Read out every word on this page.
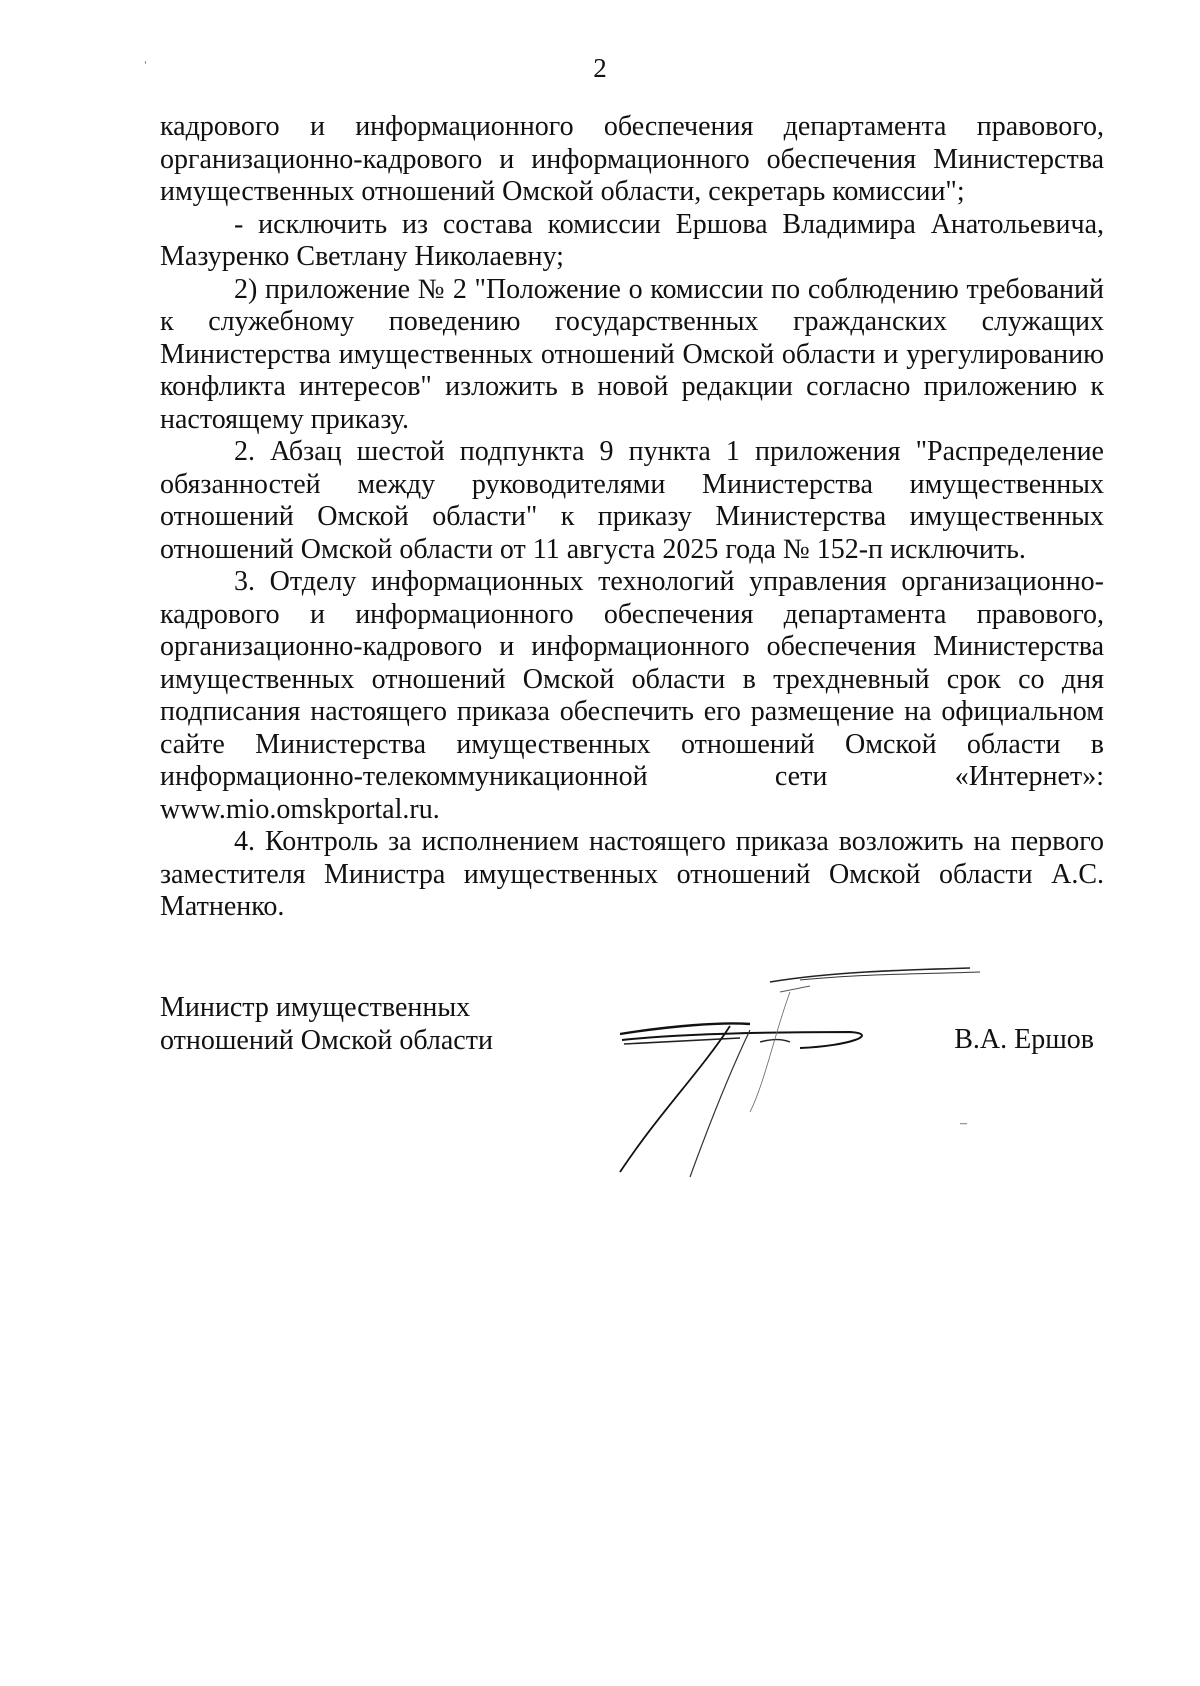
ˈ	2

кадрового и информационного обеспечения департамента правового, организационно-кадрового и информационного обеспечения Министерства имущественных отношений Омской области, секретарь комиссии";

- исключить из состава комиссии Ершова Владимира Анатольевича, Мазуренко Светлану Николаевну;

2) приложение № 2 "Положение о комиссии по соблюдению требований к служебному поведению государственных гражданских служащих Министерства имущественных отношений Омской области и урегулированию конфликта интересов" изложить в новой редакции согласно приложению к настоящему приказу.

2. Абзац шестой подпункта 9 пункта 1 приложения "Распределение обязанностей между руководителями Министерства имущественных отношений Омской области" к приказу Министерства имущественных отношений Омской области от 11 августа 2025 года № 152-п исключить.

3. Отделу информационных технологий управления организационно-кадрового и информационного обеспечения департамента правового, организационно-кадрового и информационного обеспечения Министерства имущественных отношений Омской области в трехдневный срок со дня подписания настоящего приказа обеспечить его размещение на официальном сайте Министерства имущественных отношений Омской области в информационно-телекоммуникационной сети «Интернет»: www.mio.omskportal.ru.

4. Контроль за исполнением настоящего приказа возложить на первого заместителя Министра имущественных отношений Омской области А.С. Матненко.

Министр имущественных
отношений Омской области	В.А. Ершов
‒
